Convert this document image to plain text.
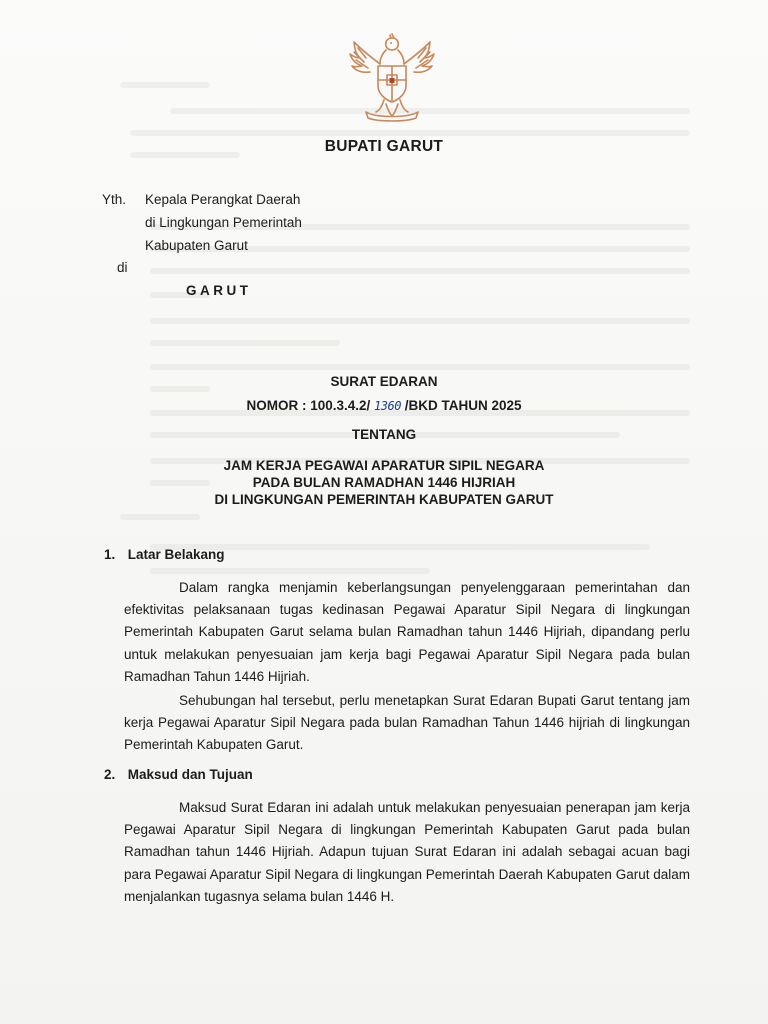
BUPATI GARUT
Yth. Kepala Perangkat Daerah
di Lingkungan Pemerintah
Kabupaten Garut
di
GARUT
SURAT EDARAN
NOMOR : 100.3.4.2/ 1360 /BKD TAHUN 2025
TENTANG
JAM KERJA PEGAWAI APARATUR SIPIL NEGARA
PADA BULAN RAMADHAN 1446 HIJRIAH
DI LINGKUNGAN PEMERINTAH KABUPATEN GARUT
1. Latar Belakang

Dalam rangka menjamin keberlangsungan penyelenggaraan pemerintahan dan efektivitas pelaksanaan tugas kedinasan Pegawai Aparatur Sipil Negara di lingkungan Pemerintah Kabupaten Garut selama bulan Ramadhan tahun 1446 Hijriah, dipandang perlu untuk melakukan penyesuaian jam kerja bagi Pegawai Aparatur Sipil Negara pada bulan Ramadhan Tahun 1446 Hijriah.

Sehubungan hal tersebut, perlu menetapkan Surat Edaran Bupati Garut tentang jam kerja Pegawai Aparatur Sipil Negara pada bulan Ramadhan Tahun 1446 hijriah di lingkungan Pemerintah Kabupaten Garut.

2. Maksud dan Tujuan

Maksud Surat Edaran ini adalah untuk melakukan penyesuaian penerapan jam kerja Pegawai Aparatur Sipil Negara di lingkungan Pemerintah Kabupaten Garut pada bulan Ramadhan tahun 1446 Hijriah. Adapun tujuan Surat Edaran ini adalah sebagai acuan bagi para Pegawai Aparatur Sipil Negara di lingkungan Pemerintah Daerah Kabupaten Garut dalam menjalankan tugasnya selama bulan 1446 H.
